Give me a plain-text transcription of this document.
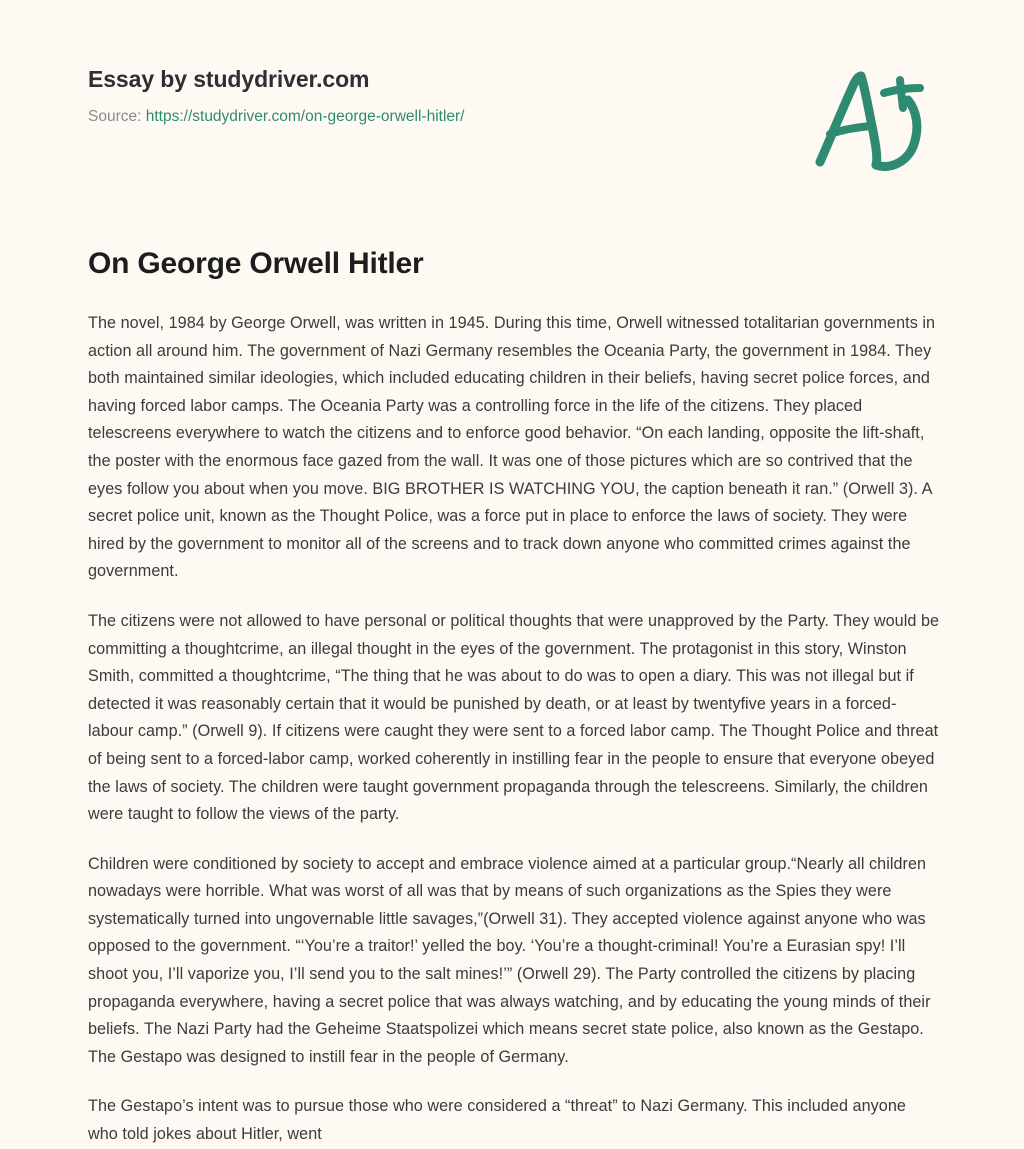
Essay by studydriver.com

Source: https://studydriver.com/on-george-orwell-hitler/

On George Orwell Hitler

The novel, 1984 by George Orwell, was written in 1945. During this time, Orwell witnessed totalitarian governments in action all around him. The government of Nazi Germany resembles the Oceania Party, the government in 1984. They both maintained similar ideologies, which included educating children in their beliefs, having secret police forces, and having forced labor camps. The Oceania Party was a controlling force in the life of the citizens. They placed telescreens everywhere to watch the citizens and to enforce good behavior. “On each landing, opposite the lift-shaft, the poster with the enormous face gazed from the wall. It was one of those pictures which are so contrived that the eyes follow you about when you move. BIG BROTHER IS WATCHING YOU, the caption beneath it ran.” (Orwell 3). A secret police unit, known as the Thought Police, was a force put in place to enforce the laws of society. They were hired by the government to monitor all of the screens and to track down anyone who committed crimes against the government.

The citizens were not allowed to have personal or political thoughts that were unapproved by the Party. They would be committing a thoughtcrime, an illegal thought in the eyes of the government. The protagonist in this story, Winston Smith, committed a thoughtcrime, “The thing that he was about to do was to open a diary. This was not illegal but if detected it was reasonably certain that it would be punished by death, or at least by twentyfive years in a forced-labour camp.” (Orwell 9). If citizens were caught they were sent to a forced labor camp. The Thought Police and threat of being sent to a forced-labor camp, worked coherently in instilling fear in the people to ensure that everyone obeyed the laws of society. The children were taught government propaganda through the telescreens. Similarly, the children were taught to follow the views of the party.

Children were conditioned by society to accept and embrace violence aimed at a particular group.“Nearly all children nowadays were horrible. What was worst of all was that by means of such organizations as the Spies they were systematically turned into ungovernable little savages,”(Orwell 31). They accepted violence against anyone who was opposed to the government. “‘You’re a traitor!’ yelled the boy. ‘You’re a thought-criminal! You’re a Eurasian spy! I’ll shoot you, I’ll vaporize you, I’ll send you to the salt mines!’” (Orwell 29). The Party controlled the citizens by placing propaganda everywhere, having a secret police that was always watching, and by educating the young minds of their beliefs. The Nazi Party had the Geheime Staatspolizei which means secret state police, also known as the Gestapo. The Gestapo was designed to instill fear in the people of Germany.

The Gestapo’s intent was to pursue those who were considered a “threat” to Nazi Germany. This included anyone who told jokes about Hitler, went
